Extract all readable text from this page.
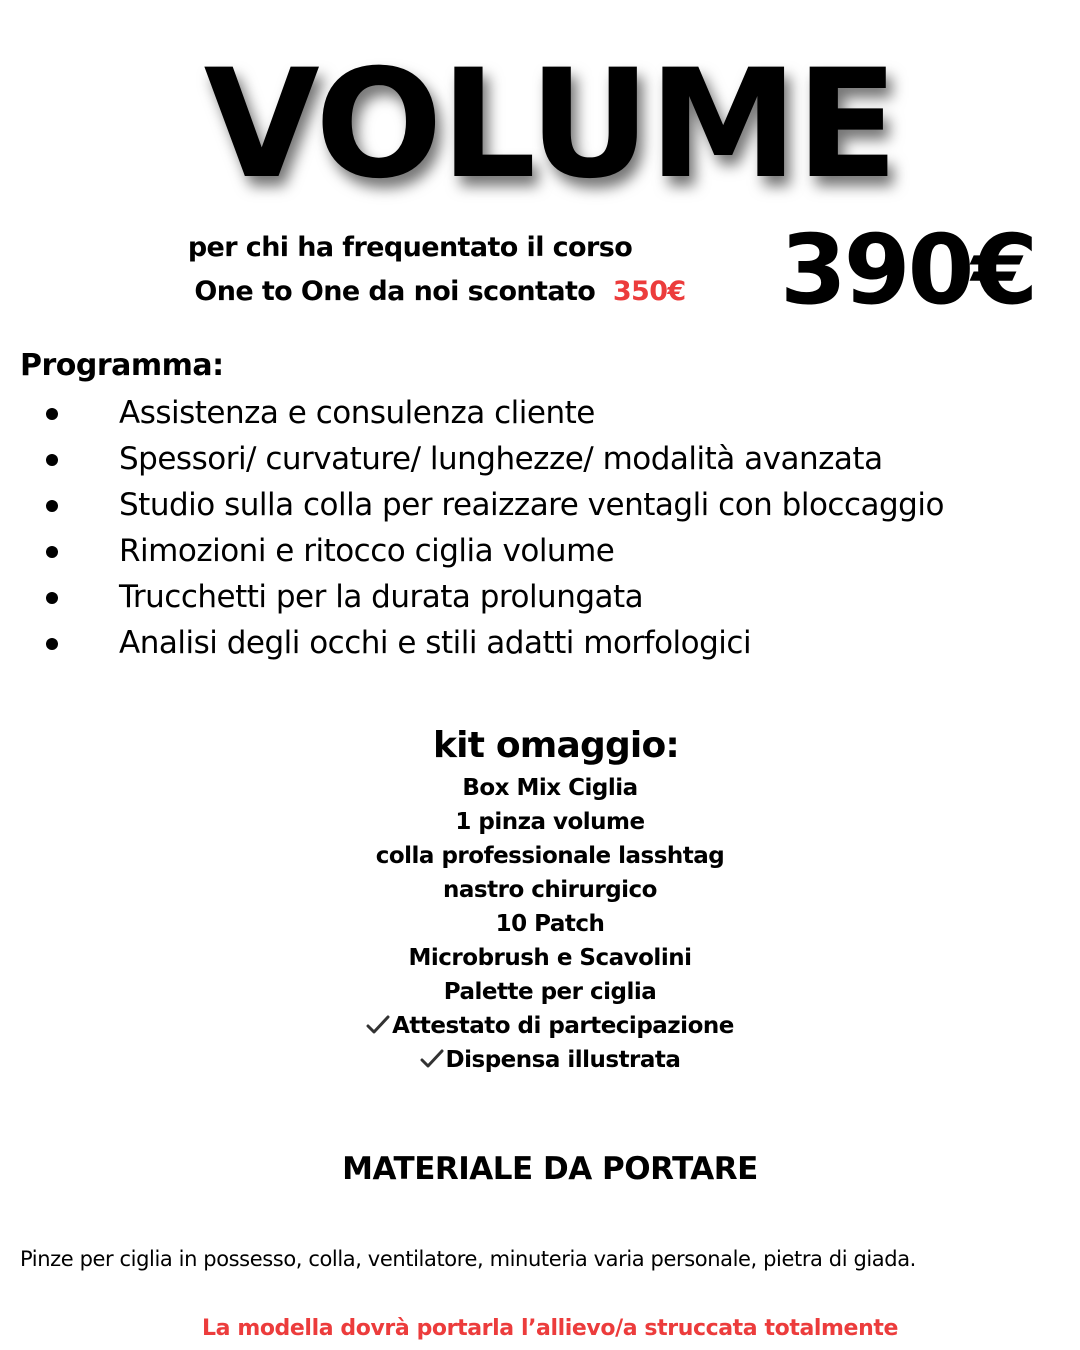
VOLUME
per chi ha frequentato il corso
One to One da noi scontato 350€ 390€
Programma:
Assistenza e consulenza cliente
Spessori/ curvature/ lunghezze/ modalità avanzata
Studio sulla colla per reaizzare ventagli con bloccaggio
Rimozioni e ritocco ciglia volume
Trucchetti per la durata prolungata
Analisi degli occhi e stili adatti morfologici
kit omaggio:
Box Mix Ciglia
1 pinza volume
colla professionale lasshtag
nastro chirurgico
10 Patch
Microbrush e Scavolini
Palette per ciglia
Attestato di partecipazione
Dispensa illustrata
MATERIALE DA PORTARE
Pinze per ciglia in possesso, colla, ventilatore, minuteria varia personale, pietra di giada.
La modella dovrà portarla l’allievo/a struccata totalmente
